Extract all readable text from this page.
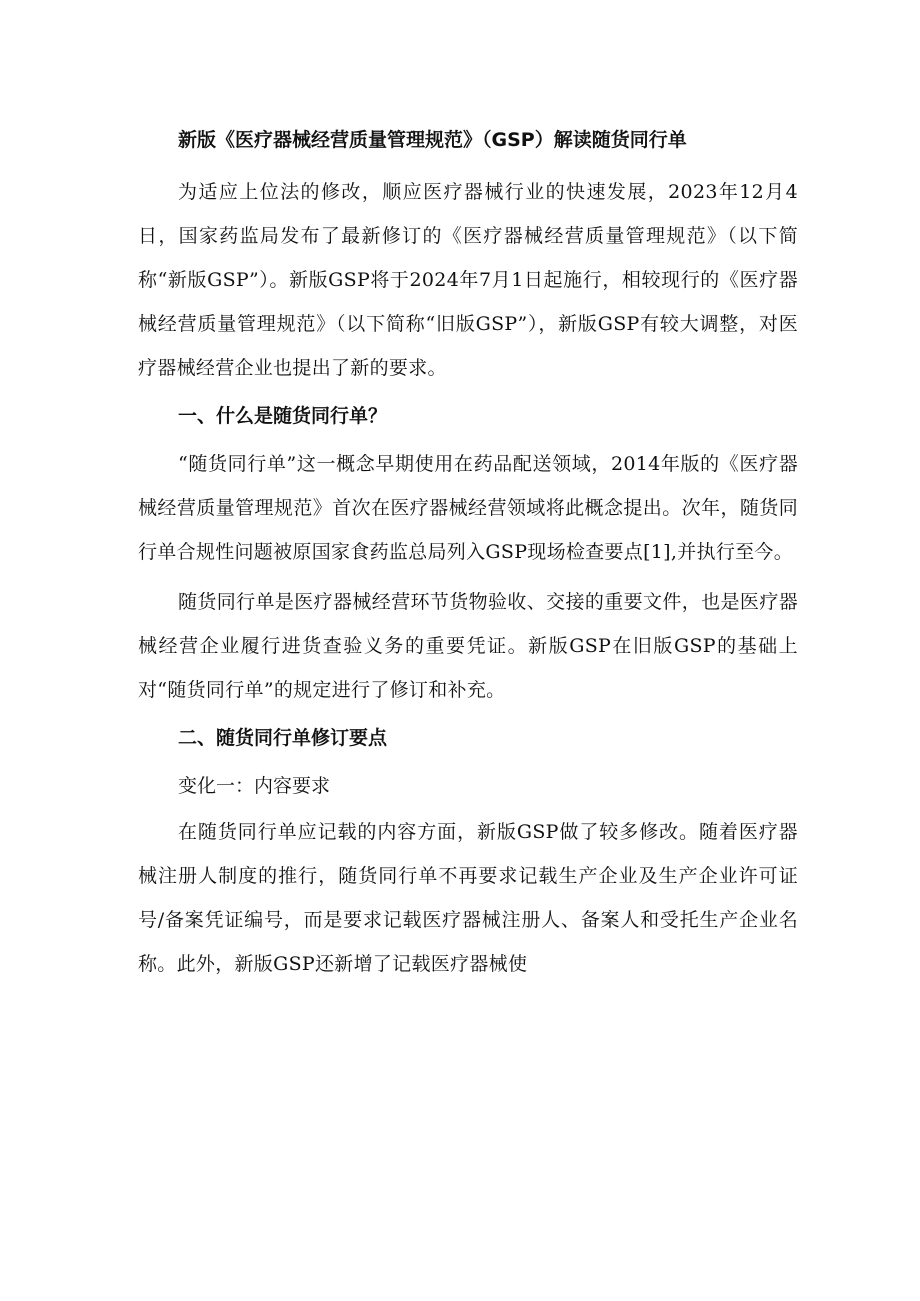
新版《医疗器械经营质量管理规范》（GSP）解读随货同行单

为适应上位法的修改，顺应医疗器械行业的快速发展，2023年12月4日，国家药监局发布了最新修订的《医疗器械经营质量管理规范》（以下简称“新版GSP”）。新版GSP将于2024年7月1日起施行，相较现行的《医疗器械经营质量管理规范》（以下简称“旧版GSP”），新版GSP有较大调整，对医疗器械经营企业也提出了新的要求。

一、什么是随货同行单？

“随货同行单”这一概念早期使用在药品配送领域，2014年版的《医疗器械经营质量管理规范》首次在医疗器械经营领域将此概念提出。次年，随货同行单合规性问题被原国家食药监总局列入GSP现场检查要点[1],并执行至今。

随货同行单是医疗器械经营环节货物验收、交接的重要文件，也是医疗器械经营企业履行进货查验义务的重要凭证。新版GSP在旧版GSP的基础上对“随货同行单”的规定进行了修订和补充。

二、随货同行单修订要点
变化一：内容要求

在随货同行单应记载的内容方面，新版GSP做了较多修改。随着医疗器械注册人制度的推行，随货同行单不再要求记载生产企业及生产企业许可证号/备案凭证编号，而是要求记载医疗器械注册人、备案人和受托生产企业名称。此外，新版GSP还新增了记载医疗器械使
